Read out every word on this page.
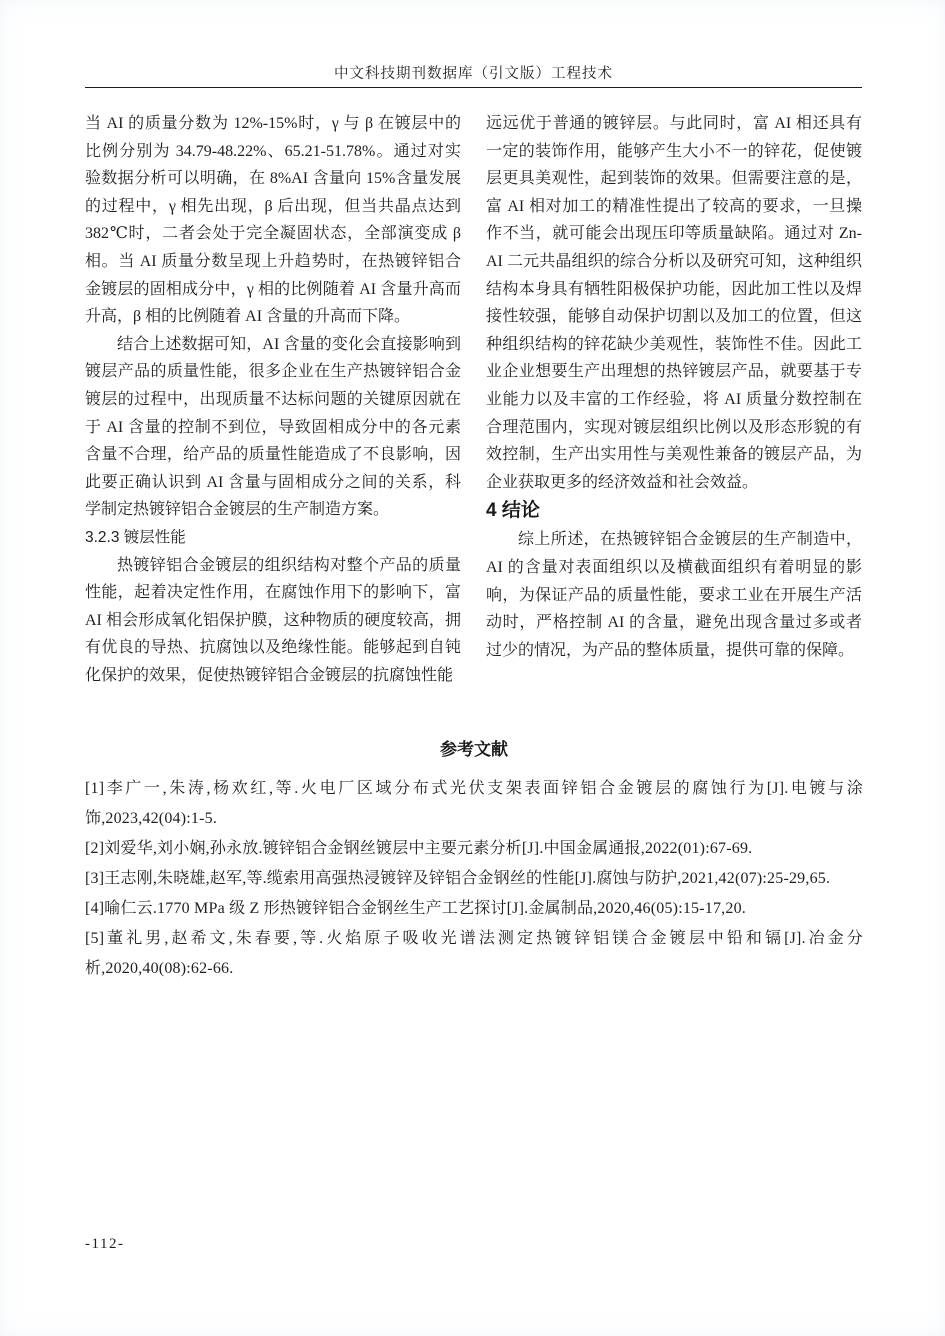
中文科技期刊数据库（引文版）工程技术

当 AI 的质量分数为 12%-15%时，γ 与 β 在镀层中的比例分别为 34.79-48.22%、65.21-51.78%。通过对实验数据分析可以明确，在 8%AI 含量向 15%含量发展的过程中，γ 相先出现，β 后出现，但当共晶点达到 382℃时，二者会处于完全凝固状态，全部演变成 β 相。当 AI 质量分数呈现上升趋势时，在热镀锌铝合金镀层的固相成分中，γ 相的比例随着 AI 含量升高而升高，β 相的比例随着 AI 含量的升高而下降。

结合上述数据可知，AI 含量的变化会直接影响到镀层产品的质量性能，很多企业在生产热镀锌铝合金镀层的过程中，出现质量不达标问题的关键原因就在于 AI 含量的控制不到位，导致固相成分中的各元素含量不合理，给产品的质量性能造成了不良影响，因此要正确认识到 AI 含量与固相成分之间的关系，科学制定热镀锌铝合金镀层的生产制造方案。

3.2.3 镀层性能

热镀锌铝合金镀层的组织结构对整个产品的质量性能，起着决定性作用，在腐蚀作用下的影响下，富 AI 相会形成氧化铝保护膜，这种物质的硬度较高，拥有优良的导热、抗腐蚀以及绝缘性能。能够起到自钝化保护的效果，促使热镀锌铝合金镀层的抗腐蚀性能

远远优于普通的镀锌层。与此同时，富 AI 相还具有一定的装饰作用，能够产生大小不一的锌花，促使镀层更具美观性，起到装饰的效果。但需要注意的是，富 AI 相对加工的精准性提出了较高的要求，一旦操作不当，就可能会出现压印等质量缺陷。通过对 Zn-AI 二元共晶组织的综合分析以及研究可知，这种组织结构本身具有牺牲阳极保护功能，因此加工性以及焊接性较强，能够自动保护切割以及加工的位置，但这种组织结构的锌花缺少美观性，装饰性不佳。因此工业企业想要生产出理想的热锌镀层产品，就要基于专业能力以及丰富的工作经验，将 AI 质量分数控制在合理范围内，实现对镀层组织比例以及形态形貌的有效控制，生产出实用性与美观性兼备的镀层产品，为企业获取更多的经济效益和社会效益。

4 结论

综上所述，在热镀锌铝合金镀层的生产制造中，AI 的含量对表面组织以及横截面组织有着明显的影响，为保证产品的质量性能，要求工业在开展生产活动时，严格控制 AI 的含量，避免出现含量过多或者过少的情况，为产品的整体质量，提供可靠的保障。

参考文献

[1]李广一,朱涛,杨欢红,等.火电厂区域分布式光伏支架表面锌铝合金镀层的腐蚀行为[J].电镀与涂饰,2023,42(04):1-5.

[2]刘爱华,刘小娴,孙永放.镀锌铝合金钢丝镀层中主要元素分析[J].中国金属通报,2022(01):67-69.

[3]王志刚,朱晓雄,赵军,等.缆索用高强热浸镀锌及锌铝合金钢丝的性能[J].腐蚀与防护,2021,42(07):25-29,65.

[4]喻仁云.1770 MPa 级 Z 形热镀锌铝合金钢丝生产工艺探讨[J].金属制品,2020,46(05):15-17,20.

[5]董礼男,赵希文,朱春要,等.火焰原子吸收光谱法测定热镀锌铝镁合金镀层中铅和镉[J].冶金分析,2020,40(08):62-66.

-112-
